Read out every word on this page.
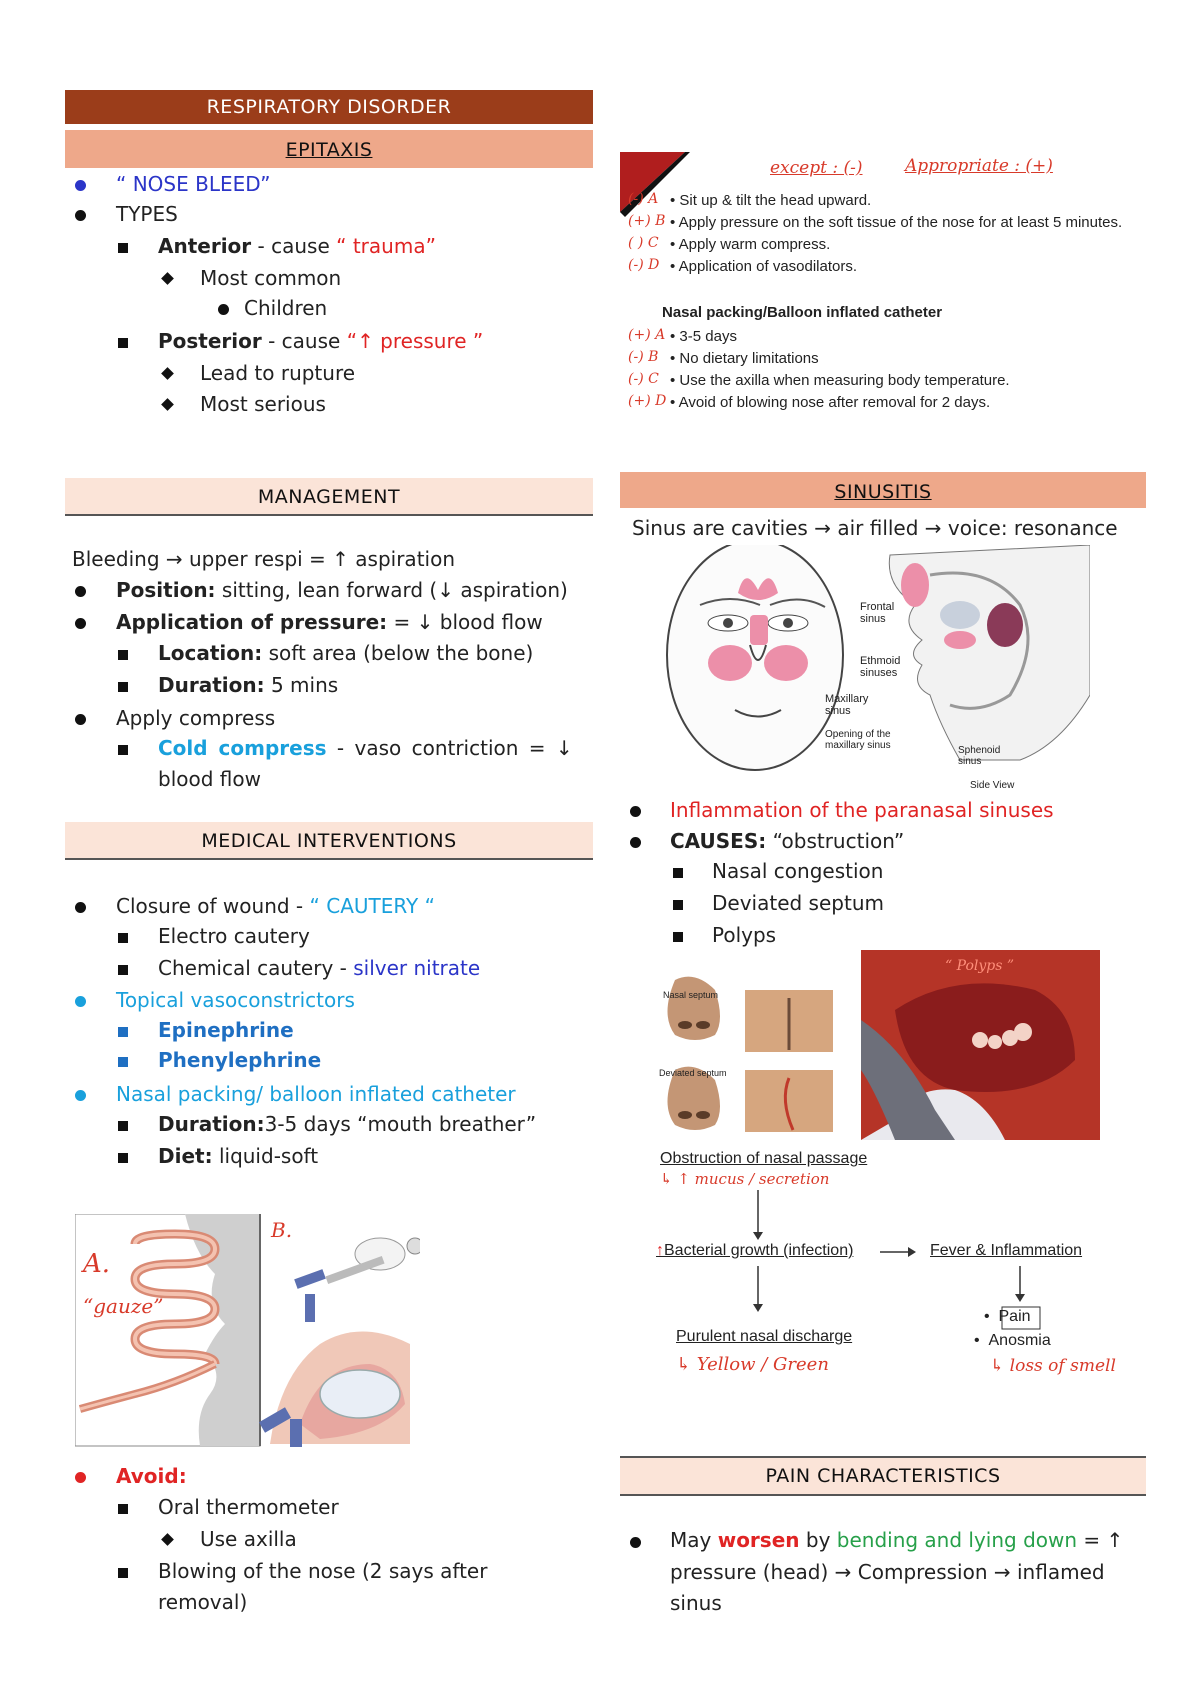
RESPIRATORY DISORDER
EPITAXIS
“ NOSE BLEED”
TYPES
Anterior - cause “ trauma”
Most common
Children
Posterior - cause “↑ pressure ”
Lead to rupture
Most serious
MANAGEMENT
Bleeding → upper respi = ↑ aspiration
Position: sitting, lean forward (↓ aspiration)
Application of pressure: = ↓ blood flow
Location: soft area (below the bone)
Duration: 5 mins
Apply compress
Cold compress - vaso contriction = ↓
blood flow
MEDICAL INTERVENTIONS
Closure of wound - “ CAUTERY “
Electro cautery
Chemical cautery - silver nitrate
Topical vasoconstrictors
Epinephrine
Phenylephrine
Nasal packing/ balloon inflated catheter
Duration:3-5 days “mouth breather”
Diet: liquid-soft
A.
“gauze”
B.
Avoid:
Oral thermometer
Use axilla
Blowing of the nose (2 says after
removal)
except : (-)	Appropriate : (+)
(-) A • Sit up & tilt the head upward.
(+) B • Apply pressure on the soft tissue of the nose for at least 5 minutes.
( ) C • Apply warm compress.
(-) D • Application of vasodilators.
Nasal packing/Balloon inflated catheter
(+) A • 3-5 days
(-) B • No dietary limitations
(-) C • Use the axilla when measuring body temperature.
(+) D • Avoid of blowing nose after removal for 2 days.
SINUSITIS
Sinus are cavities → air filled → voice: resonance
Frontal sinus
Ethmoid sinuses
Maxillary sinus
Opening of the maxillary sinus	Sphenoid sinus
Side View
Inflammation of the paranasal sinuses
CAUSES: “obstruction”
Nasal congestion
Deviated septum
Polyps
Nasal septum
Deviated septum
“ Polyps ”
Obstruction of nasal passage
↳ ↑ mucus / secretion
↑Bacterial growth (infection)	Fever & Inflammation
Purulent nasal discharge
↳ Yellow / Green
•  Pain
•  Anosmia
↳ loss of smell
PAIN CHARACTERISTICS
May worsen by bending and lying down = ↑
pressure (head) → Compression → inflamed
sinus
